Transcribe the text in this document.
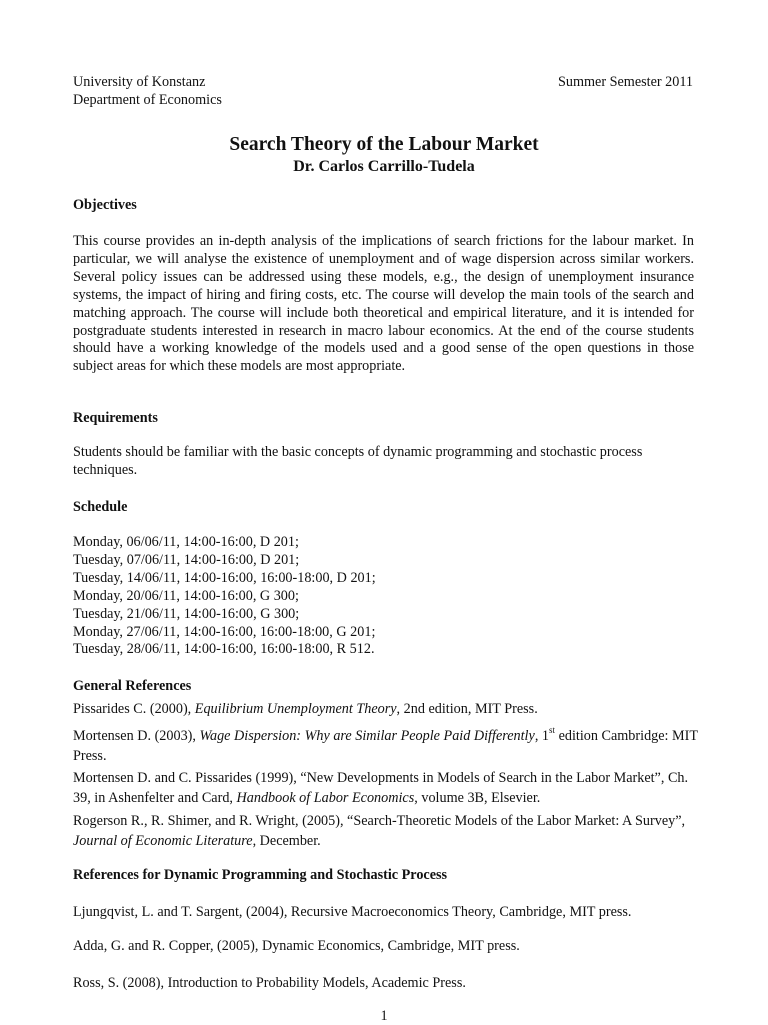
University of Konstanz
Department of Economics
Summer Semester 2011
Search Theory of the Labour Market
Dr. Carlos Carrillo-Tudela
Objectives
This course provides an in-depth analysis of the implications of search frictions for the labour market. In particular, we will analyse the existence of unemployment and of wage dispersion across similar workers. Several policy issues can be addressed using these models, e.g., the design of unemployment insurance systems, the impact of hiring and firing costs, etc. The course will develop the main tools of the search and matching approach. The course will include both theoretical and empirical literature, and it is intended for postgraduate students interested in research in macro labour economics. At the end of the course students should have a working knowledge of the models used and a good sense of the open questions in those subject areas for which these models are most appropriate.
Requirements
Students should be familiar with the basic concepts of dynamic programming and stochastic process techniques.
Schedule
Monday, 06/06/11, 14:00-16:00, D 201;
Tuesday, 07/06/11, 14:00-16:00, D 201;
Tuesday, 14/06/11, 14:00-16:00, 16:00-18:00, D 201;
Monday, 20/06/11, 14:00-16:00, G 300;
Tuesday, 21/06/11, 14:00-16:00, G 300;
Monday, 27/06/11, 14:00-16:00, 16:00-18:00, G 201;
Tuesday, 28/06/11, 14:00-16:00, 16:00-18:00, R 512.
General References
Pissarides C. (2000), Equilibrium Unemployment Theory, 2nd edition, MIT Press.
Mortensen D. (2003), Wage Dispersion: Why are Similar People Paid Differently, 1st edition Cambridge: MIT Press.
Mortensen D. and C. Pissarides (1999), “New Developments in Models of Search in the Labor Market”, Ch. 39, in Ashenfelter and Card, Handbook of Labor Economics, volume 3B, Elsevier.
Rogerson R., R. Shimer, and R. Wright, (2005), “Search-Theoretic Models of the Labor Market: A Survey”, Journal of Economic Literature, December.
References for Dynamic Programming and Stochastic Process
Ljungqvist, L. and T. Sargent, (2004), Recursive Macroeconomics Theory, Cambridge, MIT press.
Adda, G. and R. Copper, (2005), Dynamic Economics, Cambridge, MIT press.
Ross, S. (2008), Introduction to Probability Models, Academic Press.
1
